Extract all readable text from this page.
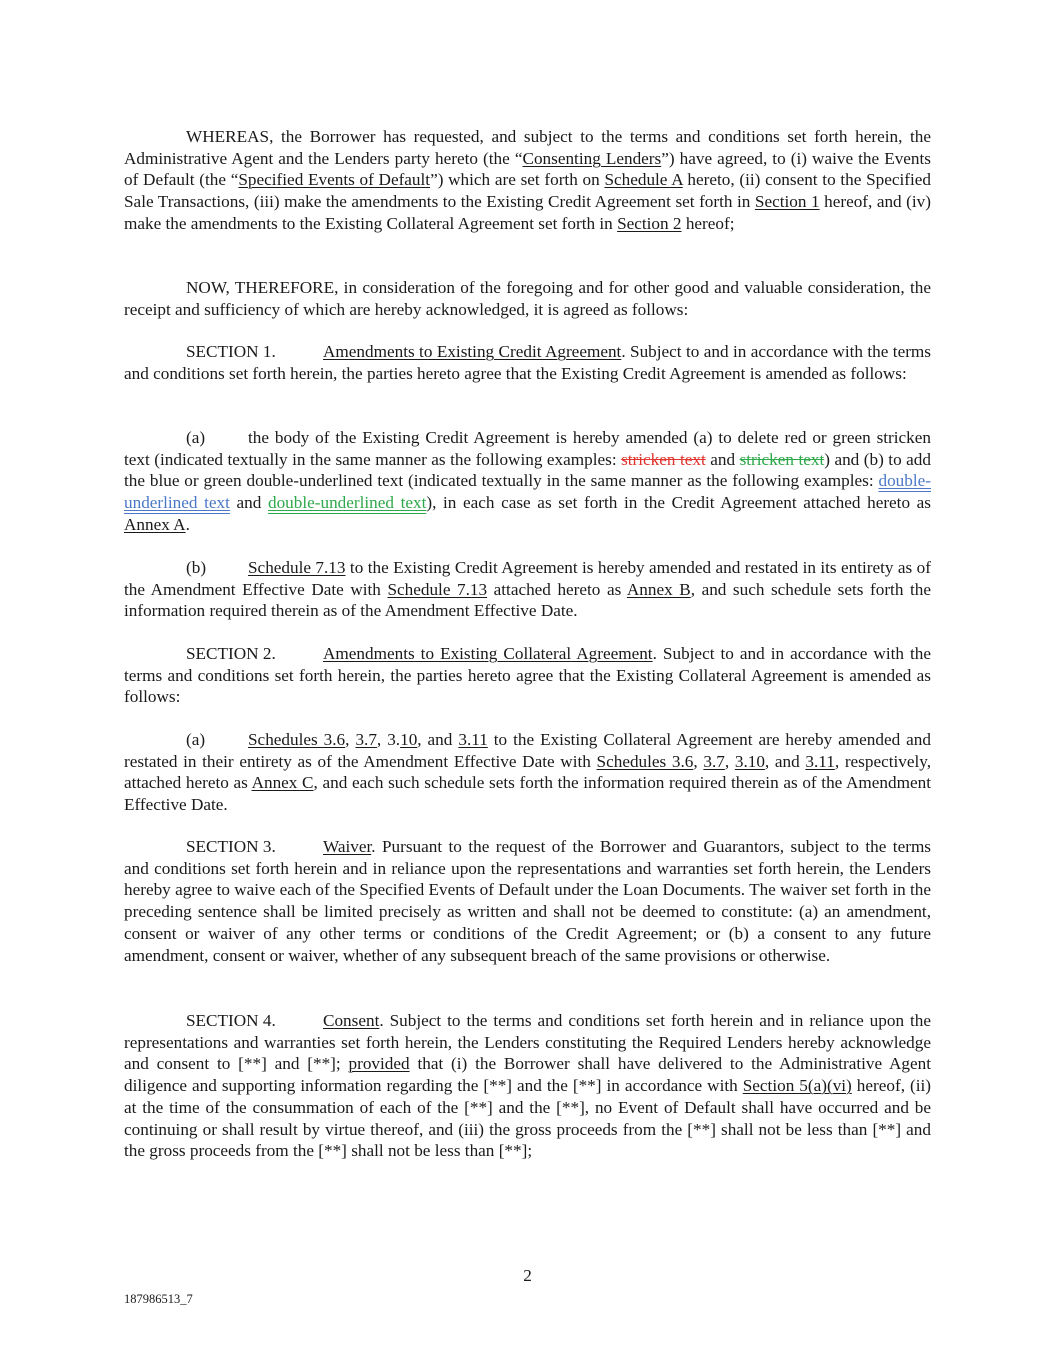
WHEREAS, the Borrower has requested, and subject to the terms and conditions set forth herein, the Administrative Agent and the Lenders party hereto (the “Consenting Lenders”) have agreed, to (i) waive the Events of Default (the “Specified Events of Default”) which are set forth on Schedule A hereto, (ii) consent to the Specified Sale Transactions, (iii) make the amendments to the Existing Credit Agreement set forth in Section 1 hereof, and (iv) make the amendments to the Existing Collateral Agreement set forth in Section 2 hereof;

NOW, THEREFORE, in consideration of the foregoing and for other good and valuable consideration, the receipt and sufficiency of which are hereby acknowledged, it is agreed as follows:

SECTION 1.	Amendments to Existing Credit Agreement. Subject to and in accordance with the terms and conditions set forth herein, the parties hereto agree that the Existing Credit Agreement is amended as follows:

(a) the body of the Existing Credit Agreement is hereby amended (a) to delete red or green stricken text (indicated textually in the same manner as the following examples: stricken text and stricken text) and (b) to add the blue or green double-underlined text (indicated textually in the same manner as the following examples: double-underlined text and double-underlined text), in each case as set forth in the Credit Agreement attached hereto as Annex A.

(b) Schedule 7.13 to the Existing Credit Agreement is hereby amended and restated in its entirety as of the Amendment Effective Date with Schedule 7.13 attached hereto as Annex B, and such schedule sets forth the information required therein as of the Amendment Effective Date.

SECTION 2.	Amendments to Existing Collateral Agreement. Subject to and in accordance with the terms and conditions set forth herein, the parties hereto agree that the Existing Collateral Agreement is amended as follows:

(a) Schedules 3.6, 3.7, 3.10, and 3.11 to the Existing Collateral Agreement are hereby amended and restated in their entirety as of the Amendment Effective Date with Schedules 3.6, 3.7, 3.10, and 3.11, respectively, attached hereto as Annex C, and each such schedule sets forth the information required therein as of the Amendment Effective Date.

SECTION 3.	Waiver. Pursuant to the request of the Borrower and Guarantors, subject to the terms and conditions set forth herein and in reliance upon the representations and warranties set forth herein, the Lenders hereby agree to waive each of the Specified Events of Default under the Loan Documents. The waiver set forth in the preceding sentence shall be limited precisely as written and shall not be deemed to constitute: (a) an amendment, consent or waiver of any other terms or conditions of the Credit Agreement; or (b) a consent to any future amendment, consent or waiver, whether of any subsequent breach of the same provisions or otherwise.

SECTION 4.	Consent. Subject to the terms and conditions set forth herein and in reliance upon the representations and warranties set forth herein, the Lenders constituting the Required Lenders hereby acknowledge and consent to [**] and [**]; provided that (i) the Borrower shall have delivered to the Administrative Agent diligence and supporting information regarding the [**] and the [**] in accordance with Section 5(a)(vi) hereof, (ii) at the time of the consummation of each of the [**] and the [**], no Event of Default shall have occurred and be continuing or shall result by virtue thereof, and (iii) the gross proceeds from the [**] shall not be less than [**] and the gross proceeds from the [**] shall not be less than [**];

2
187986513_7
